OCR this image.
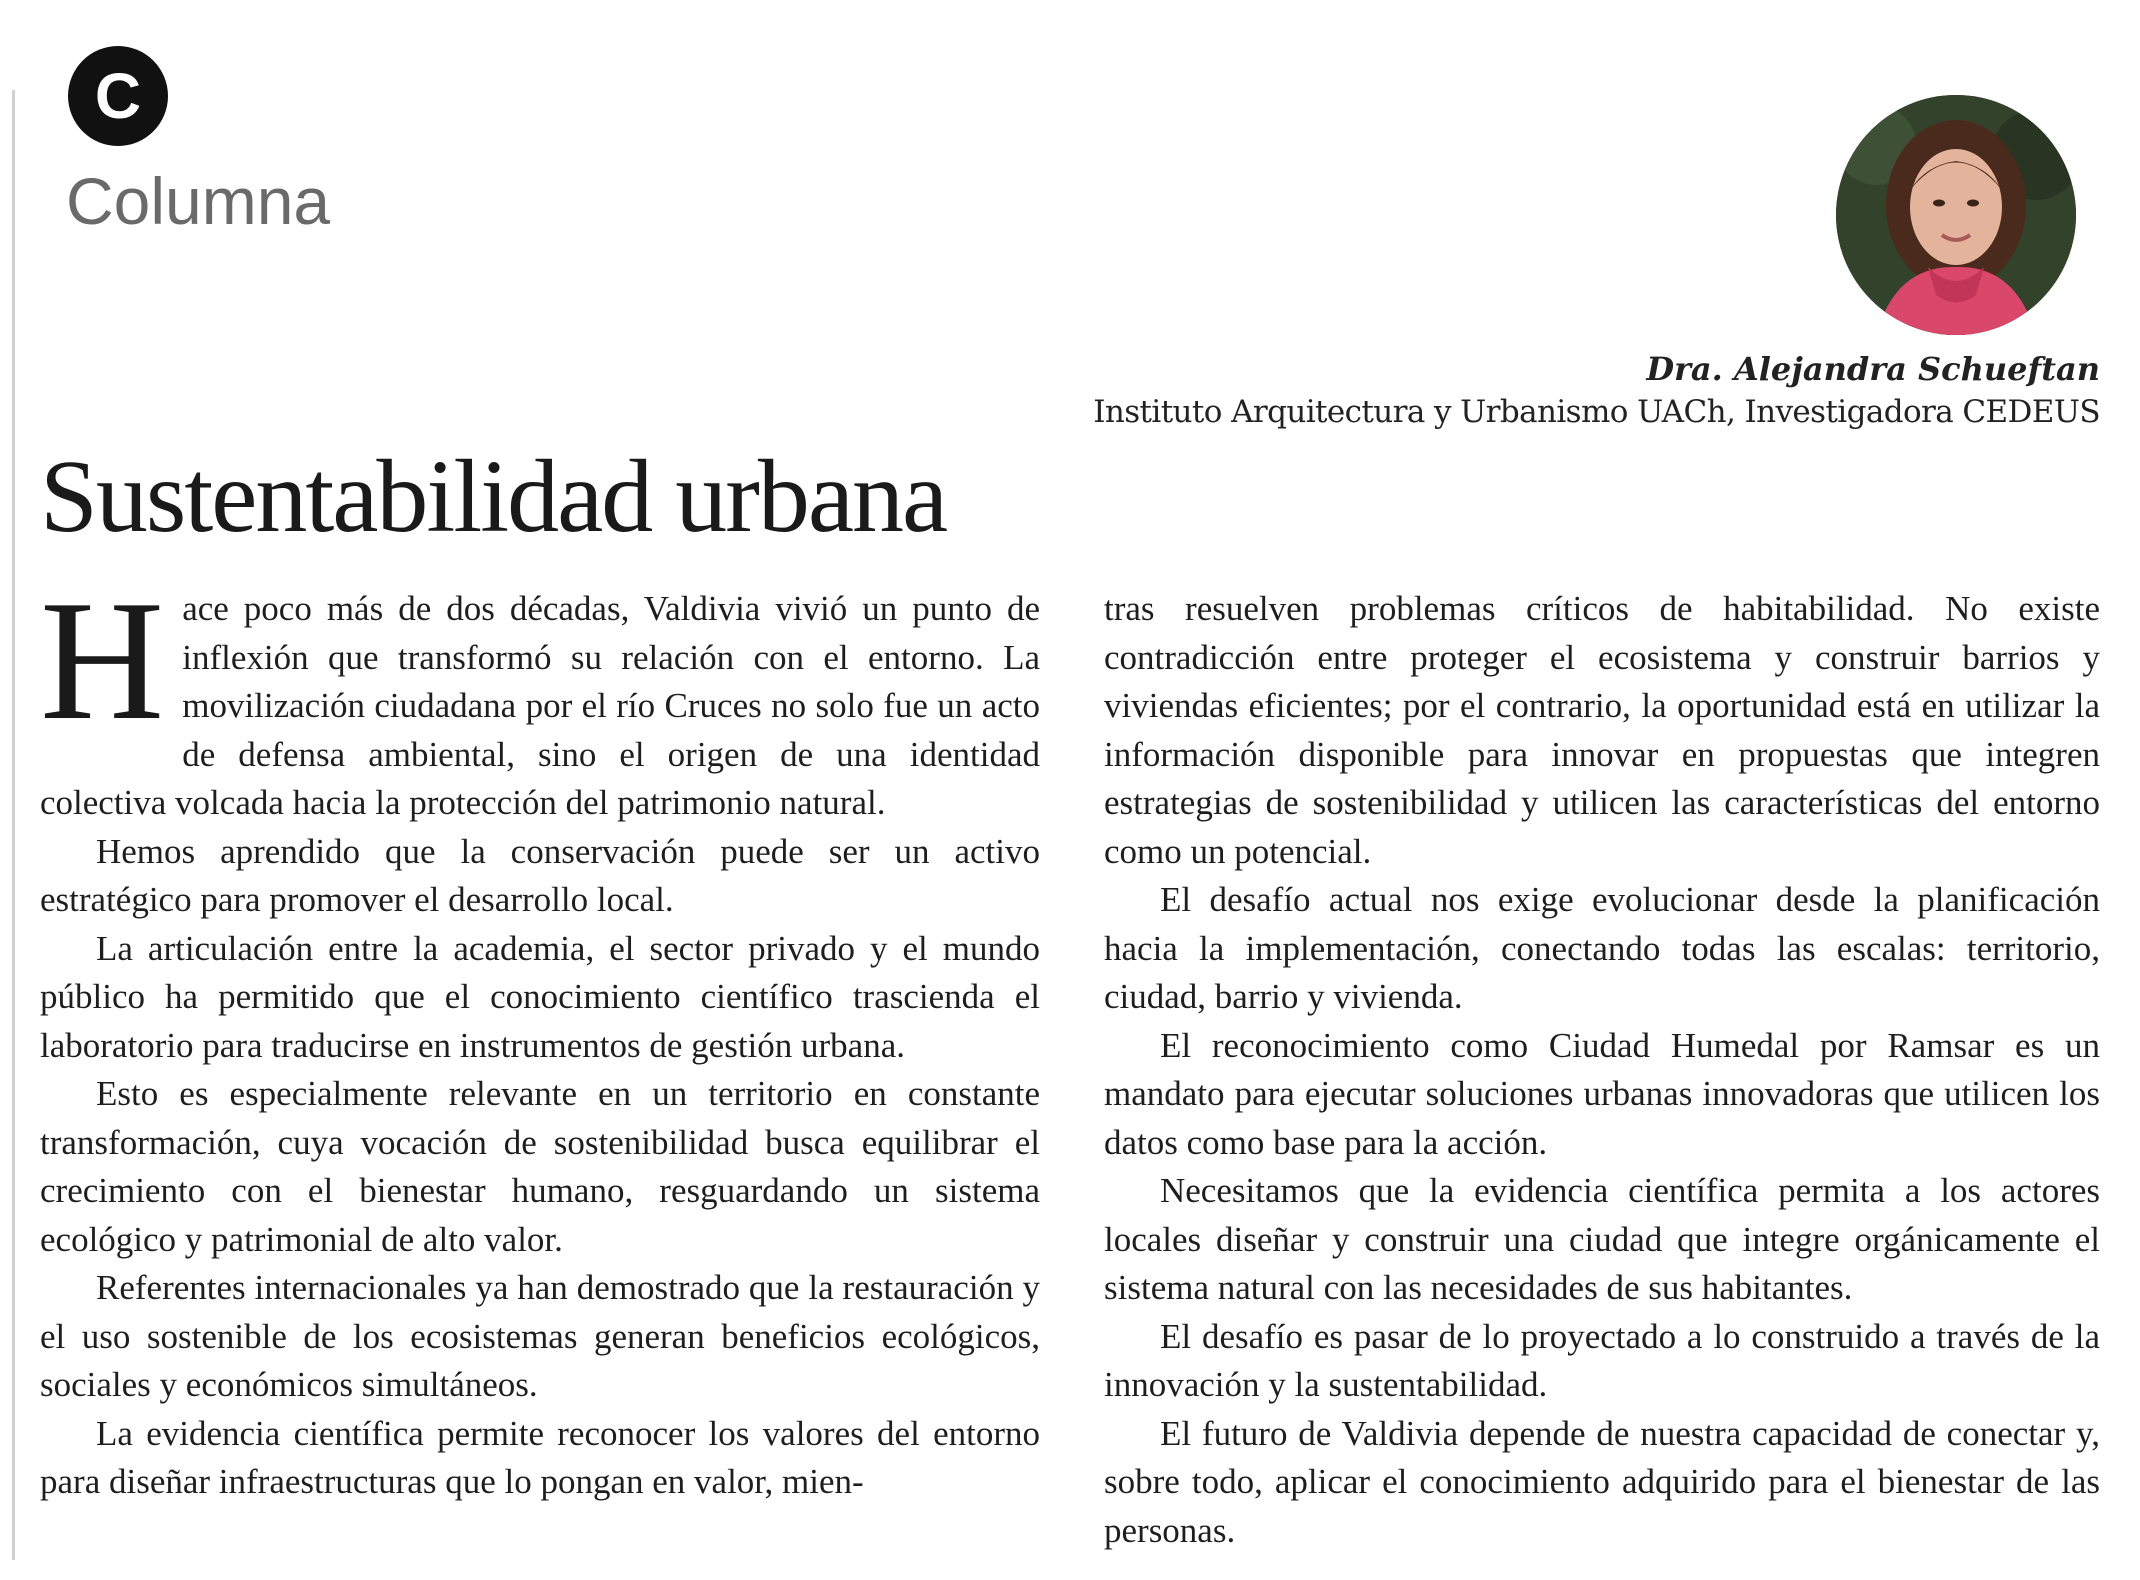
C
Columna
Dra. Alejandra Schueftan
Instituto Arquitectura y Urbanismo UACh, Investigadora CEDEUS
Sustentabilidad urbana

Hace poco más de dos décadas, Valdivia vivió un punto de inflexión que transformó su relación con el entorno. La movilización ciudadana por el río Cruces no solo fue un acto de defensa ambiental, sino el origen de una identidad colectiva volcada hacia la protección del patrimonio natural.

Hemos aprendido que la conservación puede ser un activo estratégico para promover el desarrollo local.

La articulación entre la academia, el sector privado y el mundo público ha permitido que el conocimiento científico trascienda el laboratorio para traducirse en instrumentos de gestión urbana.

Esto es especialmente relevante en un territorio en constante transformación, cuya vocación de sostenibilidad busca equilibrar el crecimiento con el bienestar humano, resguardando un sistema ecológico y patrimonial de alto valor.

Referentes internacionales ya han demostrado que la restauración y el uso sostenible de los ecosistemas generan beneficios ecológicos, sociales y económicos simultáneos.

La evidencia científica permite reconocer los valores del entorno para diseñar infraestructuras que lo pongan en valor, mien-

tras resuelven problemas críticos de habitabilidad. No existe contradicción entre proteger el ecosistema y construir barrios y viviendas eficientes; por el contrario, la oportunidad está en utilizar la información disponible para innovar en propuestas que integren estrategias de sostenibilidad y utilicen las características del entorno como un potencial.

El desafío actual nos exige evolucionar desde la planificación hacia la implementación, conectando todas las escalas: territorio, ciudad, barrio y vivienda.

El reconocimiento como Ciudad Humedal por Ramsar es un mandato para ejecutar soluciones urbanas innovadoras que utilicen los datos como base para la acción.

Necesitamos que la evidencia científica permita a los actores locales diseñar y construir una ciudad que integre orgánicamente el sistema natural con las necesidades de sus habitantes.

El desafío es pasar de lo proyectado a lo construido a través de la innovación y la sustentabilidad.

El futuro de Valdivia depende de nuestra capacidad de conectar y, sobre todo, aplicar el conocimiento adquirido para el bienestar de las personas.
